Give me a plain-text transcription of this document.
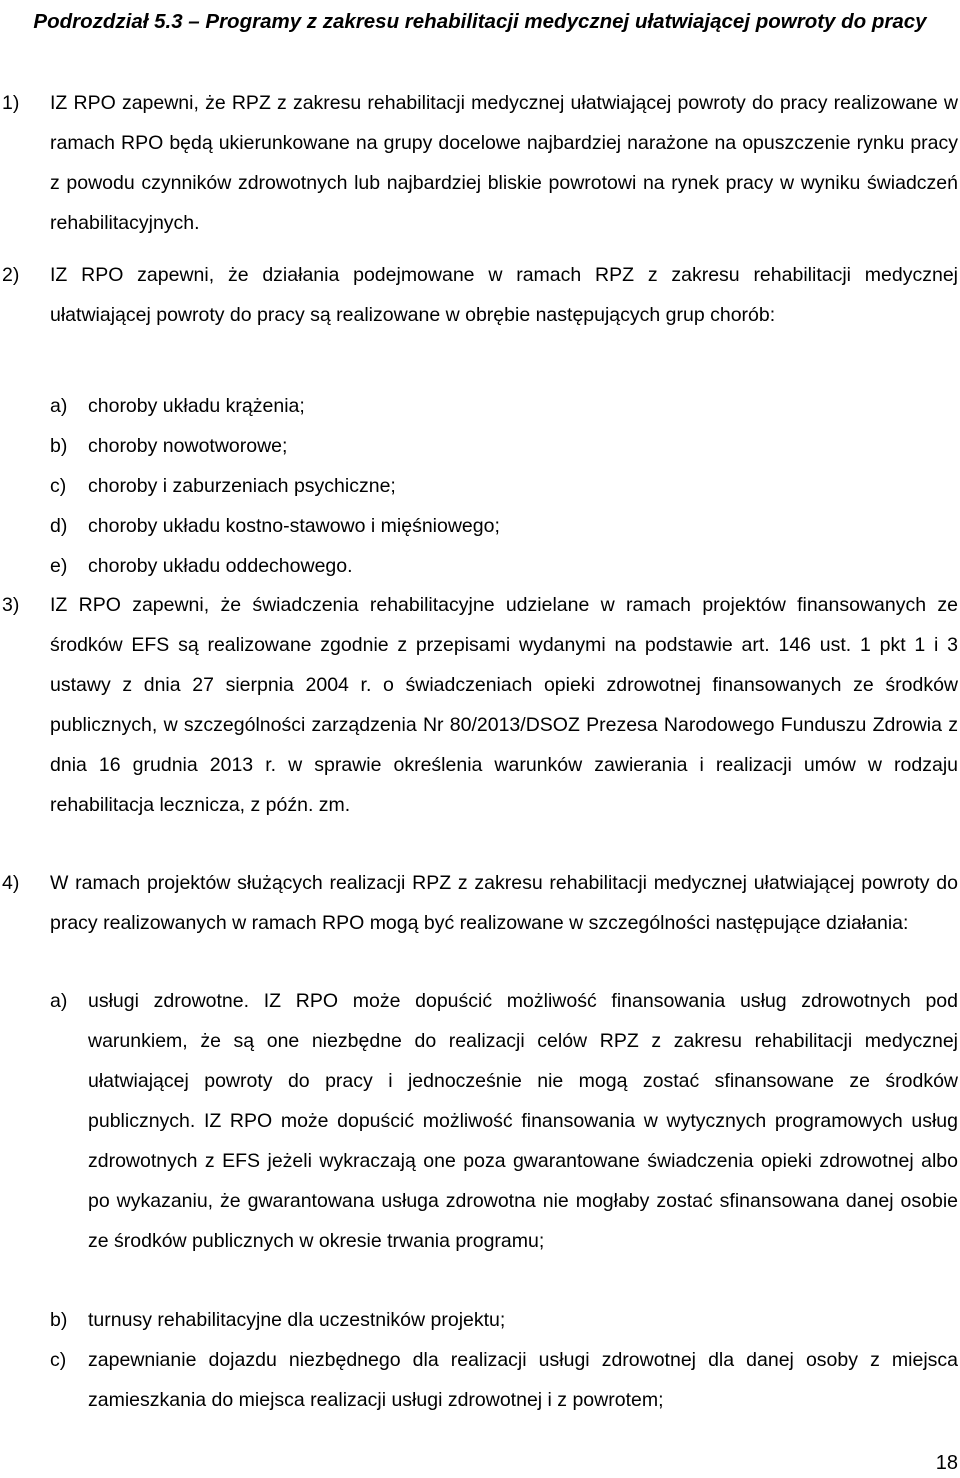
Podrozdział 5.3 – Programy z zakresu rehabilitacji medycznej ułatwiającej powroty do pracy
1) IZ RPO zapewni, że RPZ z zakresu rehabilitacji medycznej ułatwiającej powroty do pracy realizowane w ramach RPO będą ukierunkowane na grupy docelowe najbardziej narażone na opuszczenie rynku pracy z powodu czynników zdrowotnych lub najbardziej bliskie powrotowi na rynek pracy w wyniku świadczeń rehabilitacyjnych.
2) IZ RPO zapewni, że działania podejmowane w ramach RPZ z zakresu rehabilitacji medycznej ułatwiającej powroty do pracy są realizowane w obrębie następujących grup chorób:
a) choroby układu krążenia;
b) choroby nowotworowe;
c) choroby i zaburzeniach psychiczne;
d) choroby układu kostno-stawowo i mięśniowego;
e) choroby układu oddechowego.
3) IZ RPO zapewni, że świadczenia rehabilitacyjne udzielane w ramach projektów finansowanych ze środków EFS są realizowane zgodnie z przepisami wydanymi na podstawie art. 146 ust. 1 pkt 1 i 3 ustawy z dnia 27 sierpnia 2004 r. o świadczeniach opieki zdrowotnej finansowanych ze środków publicznych, w szczególności zarządzenia Nr 80/2013/DSOZ Prezesa Narodowego Funduszu Zdrowia z dnia 16 grudnia 2013 r. w sprawie określenia warunków zawierania i realizacji umów w rodzaju rehabilitacja lecznicza, z późn. zm.
4) W ramach projektów służących realizacji RPZ z zakresu rehabilitacji medycznej ułatwiającej powroty do pracy realizowanych w ramach RPO mogą być realizowane w szczególności następujące działania:
a) usługi zdrowotne. IZ RPO może dopuścić możliwość finansowania usług zdrowotnych pod warunkiem, że są one niezbędne do realizacji celów RPZ z zakresu rehabilitacji medycznej ułatwiającej powroty do pracy i jednocześnie nie mogą zostać sfinansowane ze środków publicznych. IZ RPO może dopuścić możliwość finansowania w wytycznych programowych usług zdrowotnych z EFS jeżeli wykraczają one poza gwarantowane świadczenia opieki zdrowotnej albo po wykazaniu, że gwarantowana usługa zdrowotna nie mogłaby zostać sfinansowana danej osobie ze środków publicznych w okresie trwania programu;
b) turnusy rehabilitacyjne dla uczestników projektu;
c) zapewnianie dojazdu niezbędnego dla realizacji usługi zdrowotnej dla danej osoby z miejsca zamieszkania do miejsca realizacji usługi zdrowotnej i z powrotem;
18
